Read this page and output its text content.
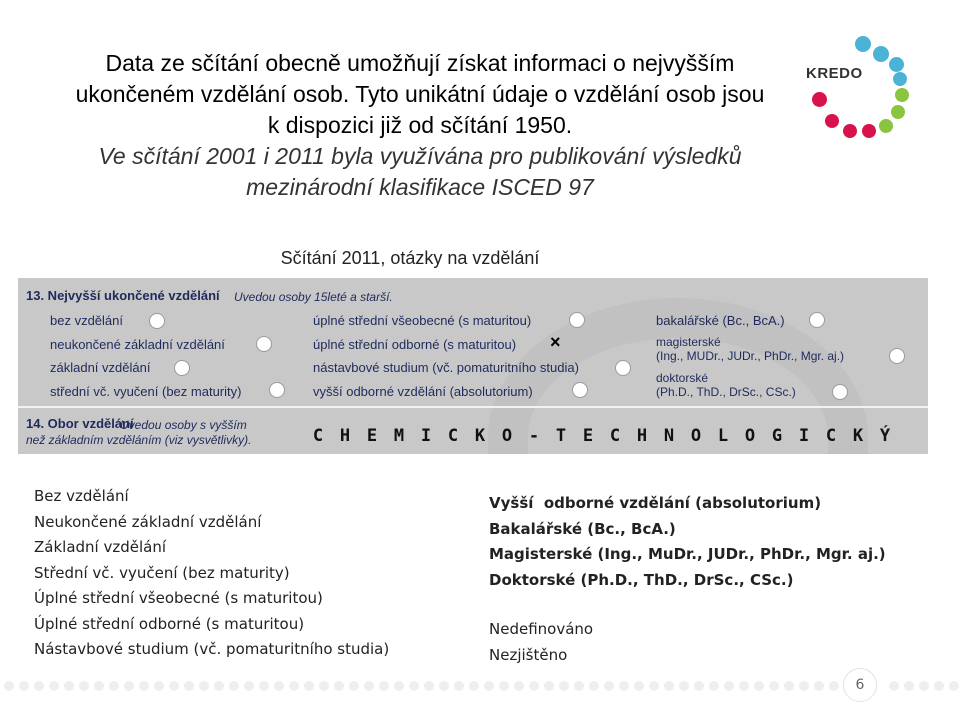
Data ze sčítání obecně umožňují získat informaci o nejvyšším
ukončeném vzdělání osob. Tyto unikátní údaje o vzdělání osob jsou
k dispozici již od sčítání 1950.
Ve sčítání 2001 i 2011 byla využívána pro publikování výsledků
mezinárodní klasifikace ISCED 97
KREDO
Sčítání 2011, otázky na vzdělání
13. Nejvyšší ukončené vzdělání Uvedou osoby 15leté a starší.
bez vzdělání
neukončené základní vzdělání
základní vzdělání
střední vč. vyučení (bez maturity)
úplné střední všeobecné (s maturitou)
úplné střední odborné (s maturitou) ×
nástavbové studium (vč. pomaturitního studia)
vyšší odborné vzdělání (absolutorium)
bakalářské (Bc., BcA.)
magisterské
(Ing., MUDr., JUDr., PhDr., Mgr. aj.)
doktorské
(Ph.D., ThD., DrSc., CSc.)
14. Obor vzdělání
Uvedou osoby s vyšším
než základním vzděláním (viz vysvětlivky).	C H E M I C K O - T E C H N O L O G I C K Ý
Bez vzdělání
Neukončené základní vzdělání
Základní vzdělání
Střední vč. vyučení (bez maturity)
Úplné střední všeobecné (s maturitou)
Úplné střední odborné (s maturitou)
Nástavbové studium (vč. pomaturitního studia)
Vyšší  odborné vzdělání (absolutorium)
Bakalářské (Bc., BcA.)
Magisterské (Ing., MuDr., JUDr., PhDr., Mgr. aj.)
Doktorské (Ph.D., ThD., DrSc., CSc.)
Nedefinováno
Nezjištěno
6
